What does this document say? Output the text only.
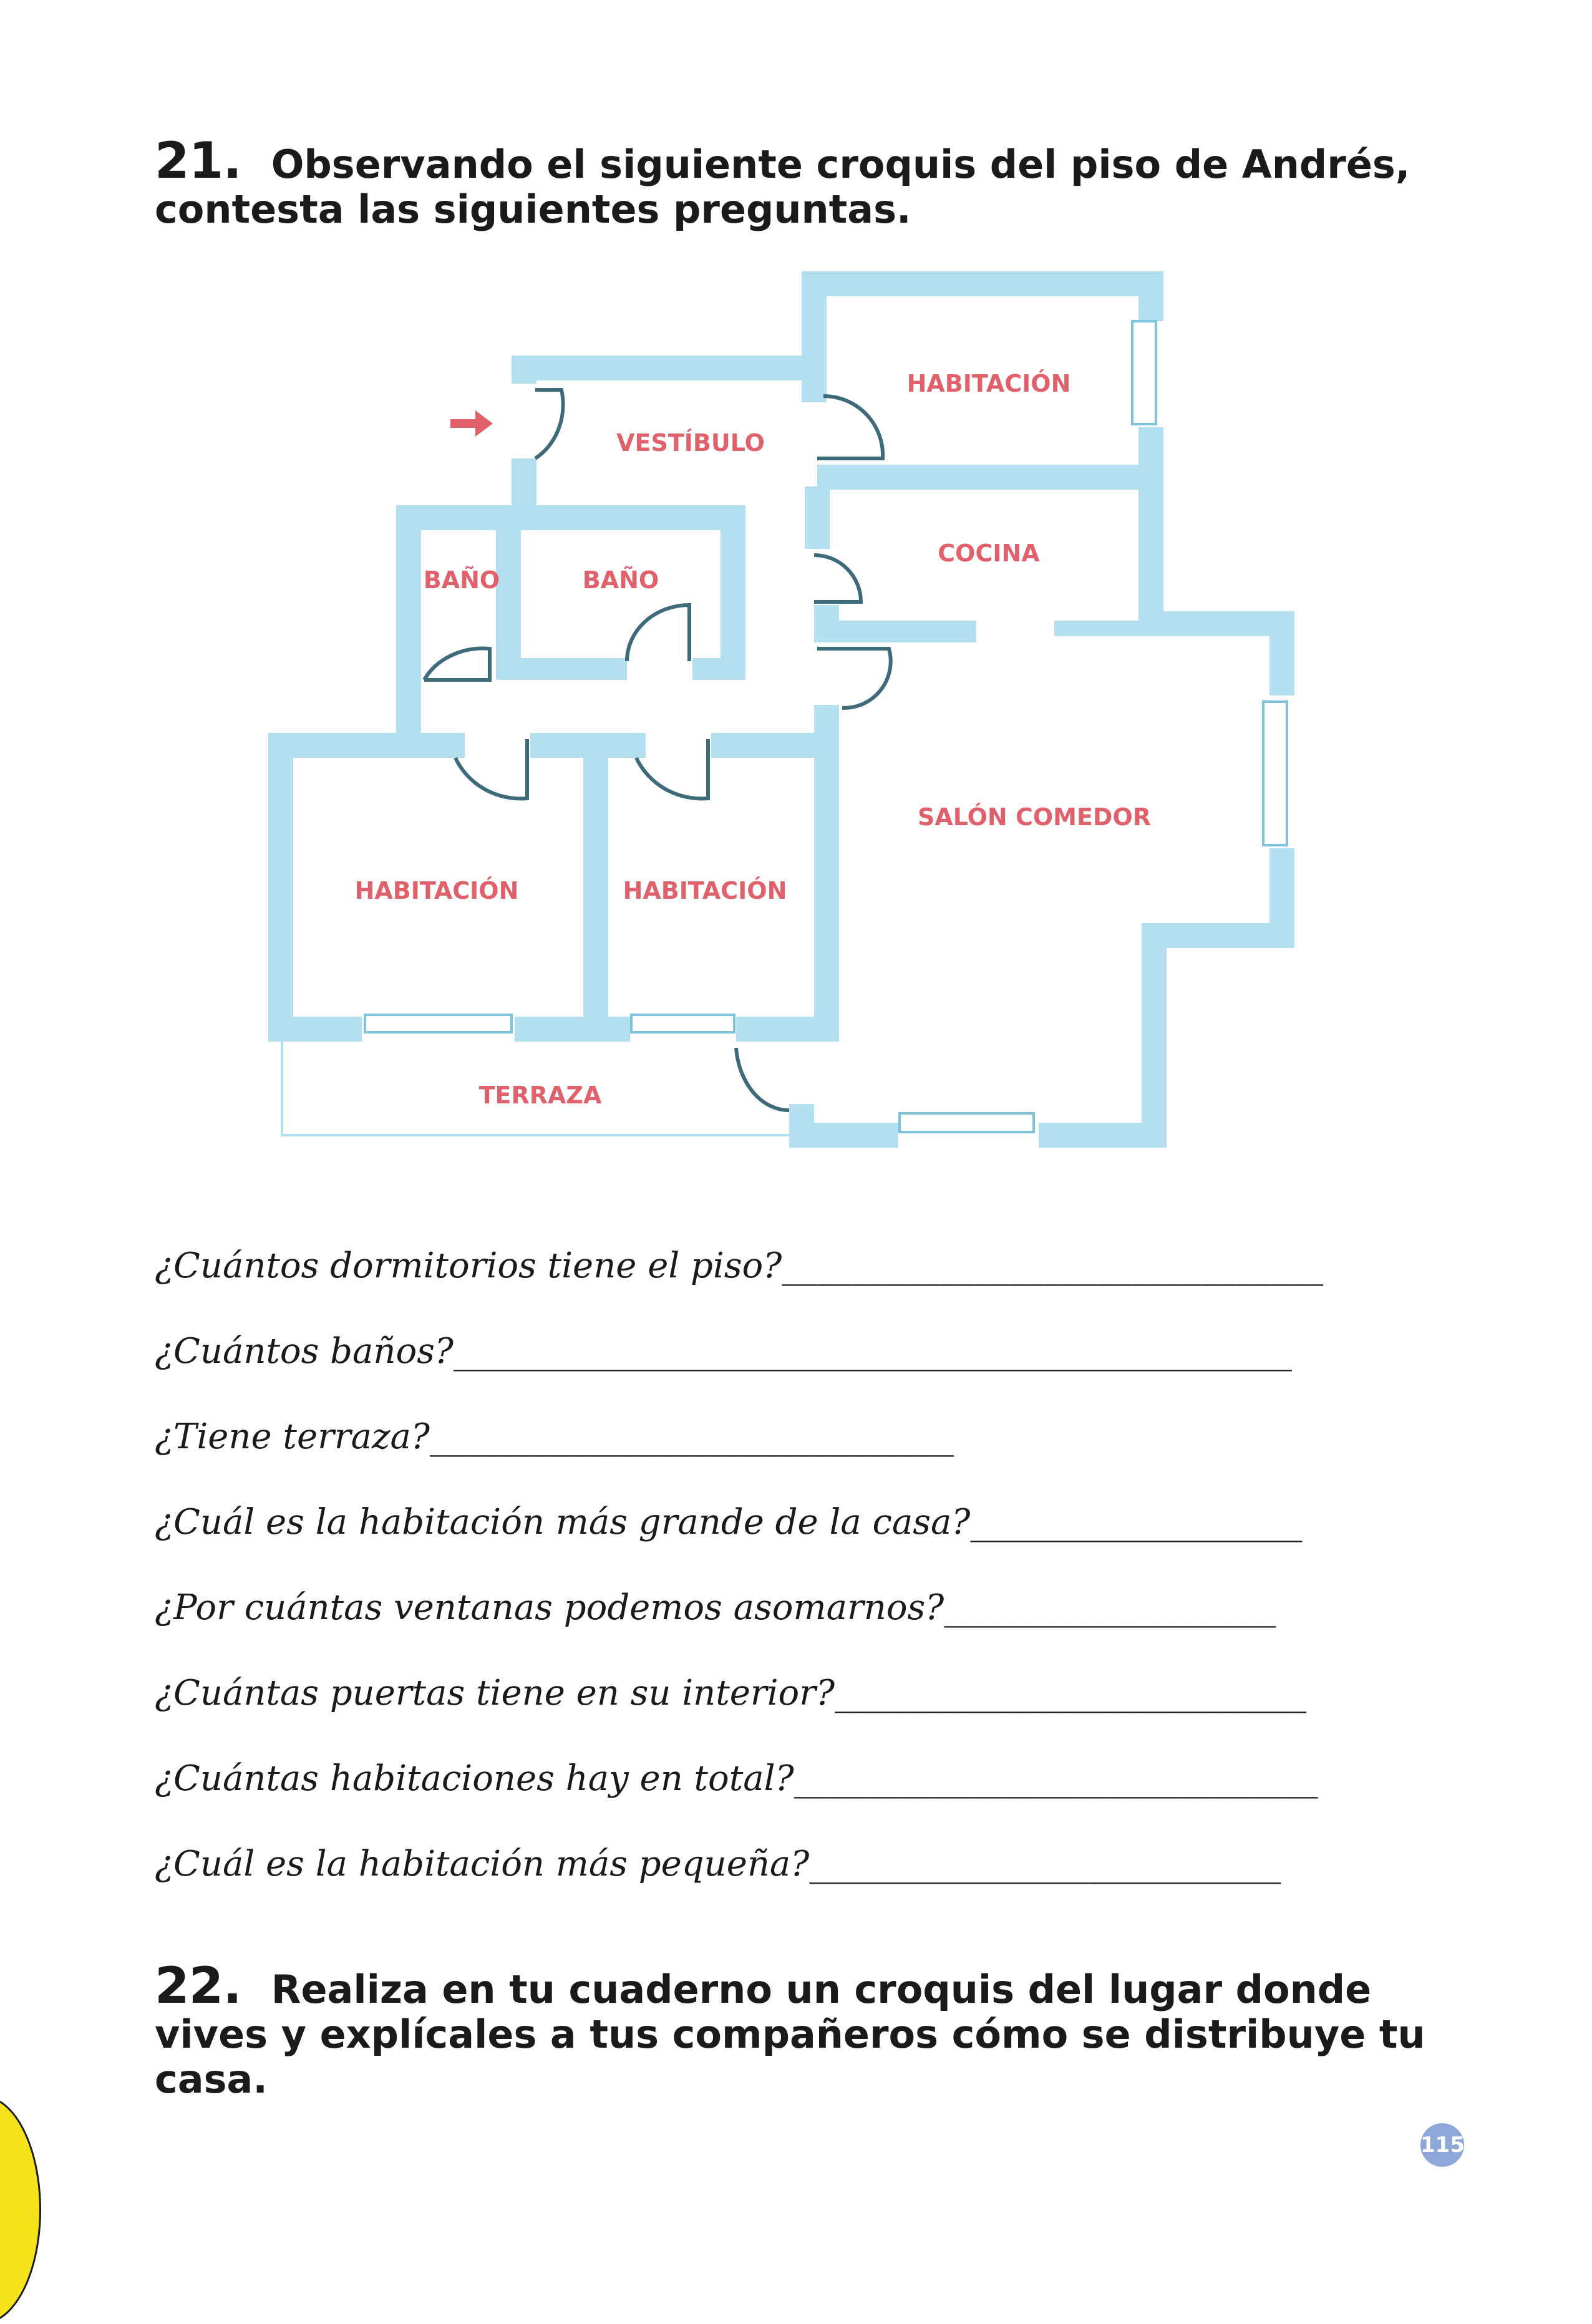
21. Observando el siguiente croquis del piso de Andrés, contesta las siguientes preguntas.
HABITACIÓN
VESTÍBULO
COCINA
BAÑO	BAÑO
SALÓN COMEDOR
HABITACIÓN	HABITACIÓN
TERRAZA
¿Cuántos dormitorios tiene el piso?_______________________________
¿Cuántos baños?________________________________________________
¿Tiene terraza?______________________________
¿Cuál es la habitación más grande de la casa?___________________
¿Por cuántas ventanas podemos asomarnos?___________________
¿Cuántas puertas tiene en su interior?___________________________
¿Cuántas habitaciones hay en total?______________________________
¿Cuál es la habitación más pequeña?___________________________
22. Realiza en tu cuaderno un croquis del lugar donde vives y explícales a tus compañeros cómo se distribuye tu casa.
115
